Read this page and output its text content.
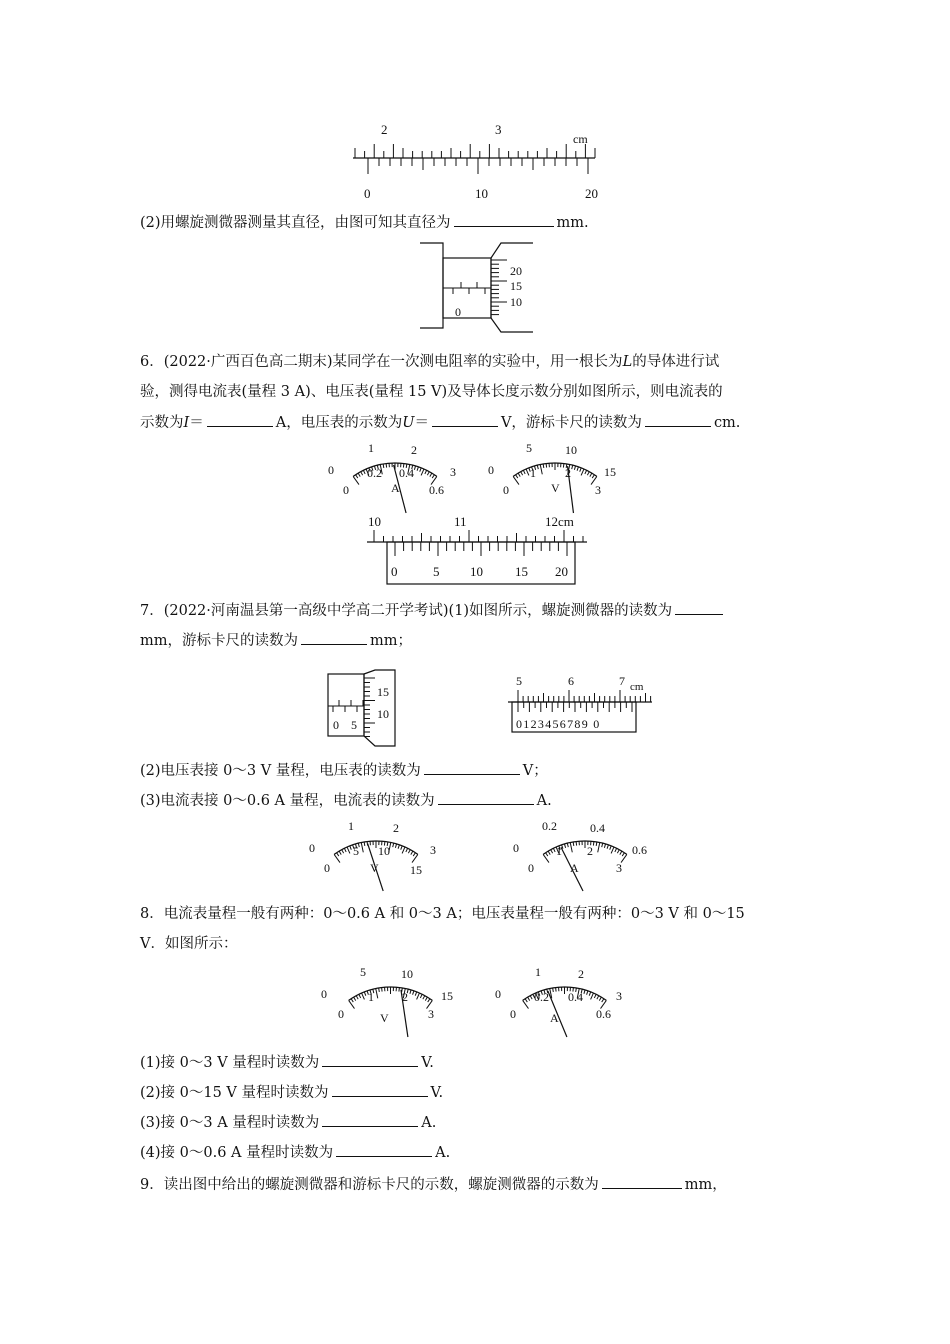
2	3
cm
0	10	20
(2)用螺旋测微器测量其直径，由图可知其直径为	mm.
0
20
15
10
6．(2022·广西百色高二期末)某同学在一次测电阻率的实验中，用一根长为L的导体进行试
验，测得电流表(量程 3 A)、电压表(量程 15 V)及导体长度示数分别如图所示，则电流表的
示数为I＝	A，电压表的示数为U＝	V，游标卡尺的读数为	cm.
0
1	2
3
0
0.2 0.4
0.6
A
0
5	10
15
0
1 2
3
V
10	11	12cm
0	5 10 15 20
7．(2022·河南温县第一高级中学高二开学考试)(1)如图所示，螺旋测微器的读数为
mm，游标卡尺的读数为	mm；
0 5
15
10
5	6	7 cm
0123456789 0
(2)电压表接 0～3 V 量程，电压表的读数为	V；
(3)电流表接 0～0.6 A 量程，电流表的读数为	A.
0
1	2
3
0
5 10
15
V
0
0.2	0.4
0.6
0
1 2
3
A
8．电流表量程一般有两种：0～0.6 A 和 0～3 A；电压表量程一般有两种：0～3 V 和 0～15
V．如图所示：
0
5	10
15
0
1 2
3
V
0
1	2
3
0
0.2 0.4
0.6
A
(1)接 0～3 V 量程时读数为	V.
(2)接 0～15 V 量程时读数为	V.
(3)接 0～3 A 量程时读数为	A.
(4)接 0～0.6 A 量程时读数为	A.
9．读出图中给出的螺旋测微器和游标卡尺的示数，螺旋测微器的示数为	mm，
